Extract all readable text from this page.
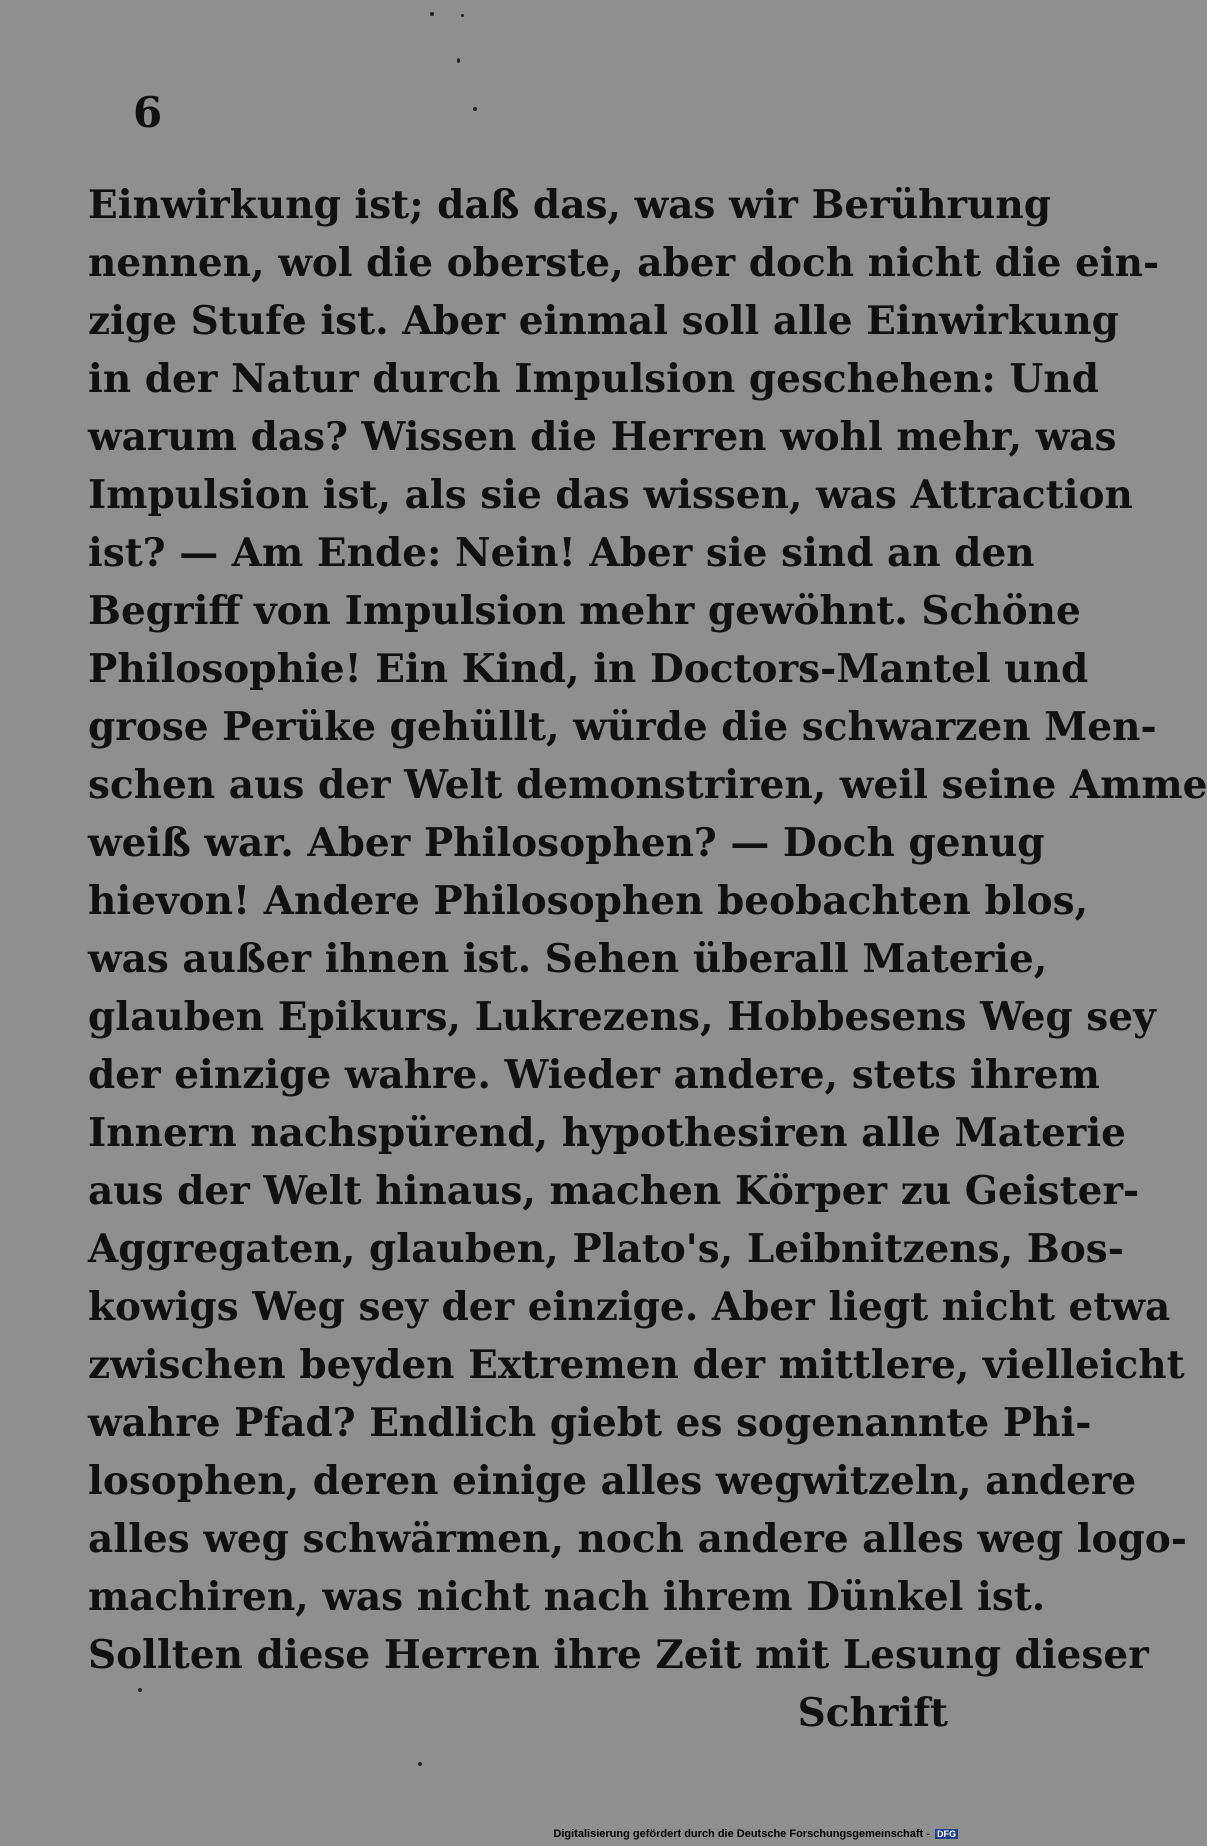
6
Einwirkung ist; daß das, was wir Berührung
nennen, wol die oberste, aber doch nicht die ein-
zige Stufe ist. Aber einmal soll alle Einwirkung
in der Natur durch Impulsion geschehen: Und
warum das? Wissen die Herren wohl mehr, was
Impulsion ist, als sie das wissen, was Attraction
ist? — Am Ende: Nein! Aber sie sind an den
Begriff von Impulsion mehr gewöhnt. Schöne
Philosophie! Ein Kind, in Doctors-Mantel und
grose Perüke gehüllt, würde die schwarzen Men-
schen aus der Welt demonstriren, weil seine Amme
weiß war. Aber Philosophen? — Doch genug
hievon! Andere Philosophen beobachten blos,
was außer ihnen ist. Sehen überall Materie,
glauben Epikurs, Lukrezens, Hobbesens Weg sey
der einzige wahre. Wieder andere, stets ihrem
Innern nachspürend, hypothesiren alle Materie
aus der Welt hinaus, machen Körper zu Geister-
Aggregaten, glauben, Plato's, Leibnitzens, Bos-
kowigs Weg sey der einzige. Aber liegt nicht etwa
zwischen beyden Extremen der mittlere, vielleicht
wahre Pfad? Endlich giebt es sogenannte Phi-
losophen, deren einige alles wegwitzeln, andere
alles weg schwärmen, noch andere alles weg logo-
machiren, was nicht nach ihrem Dünkel ist.
Sollten diese Herren ihre Zeit mit Lesung dieser
Schrift
Digitalisierung gefördert durch die Deutsche Forschungsgemeinschaft - DFG
